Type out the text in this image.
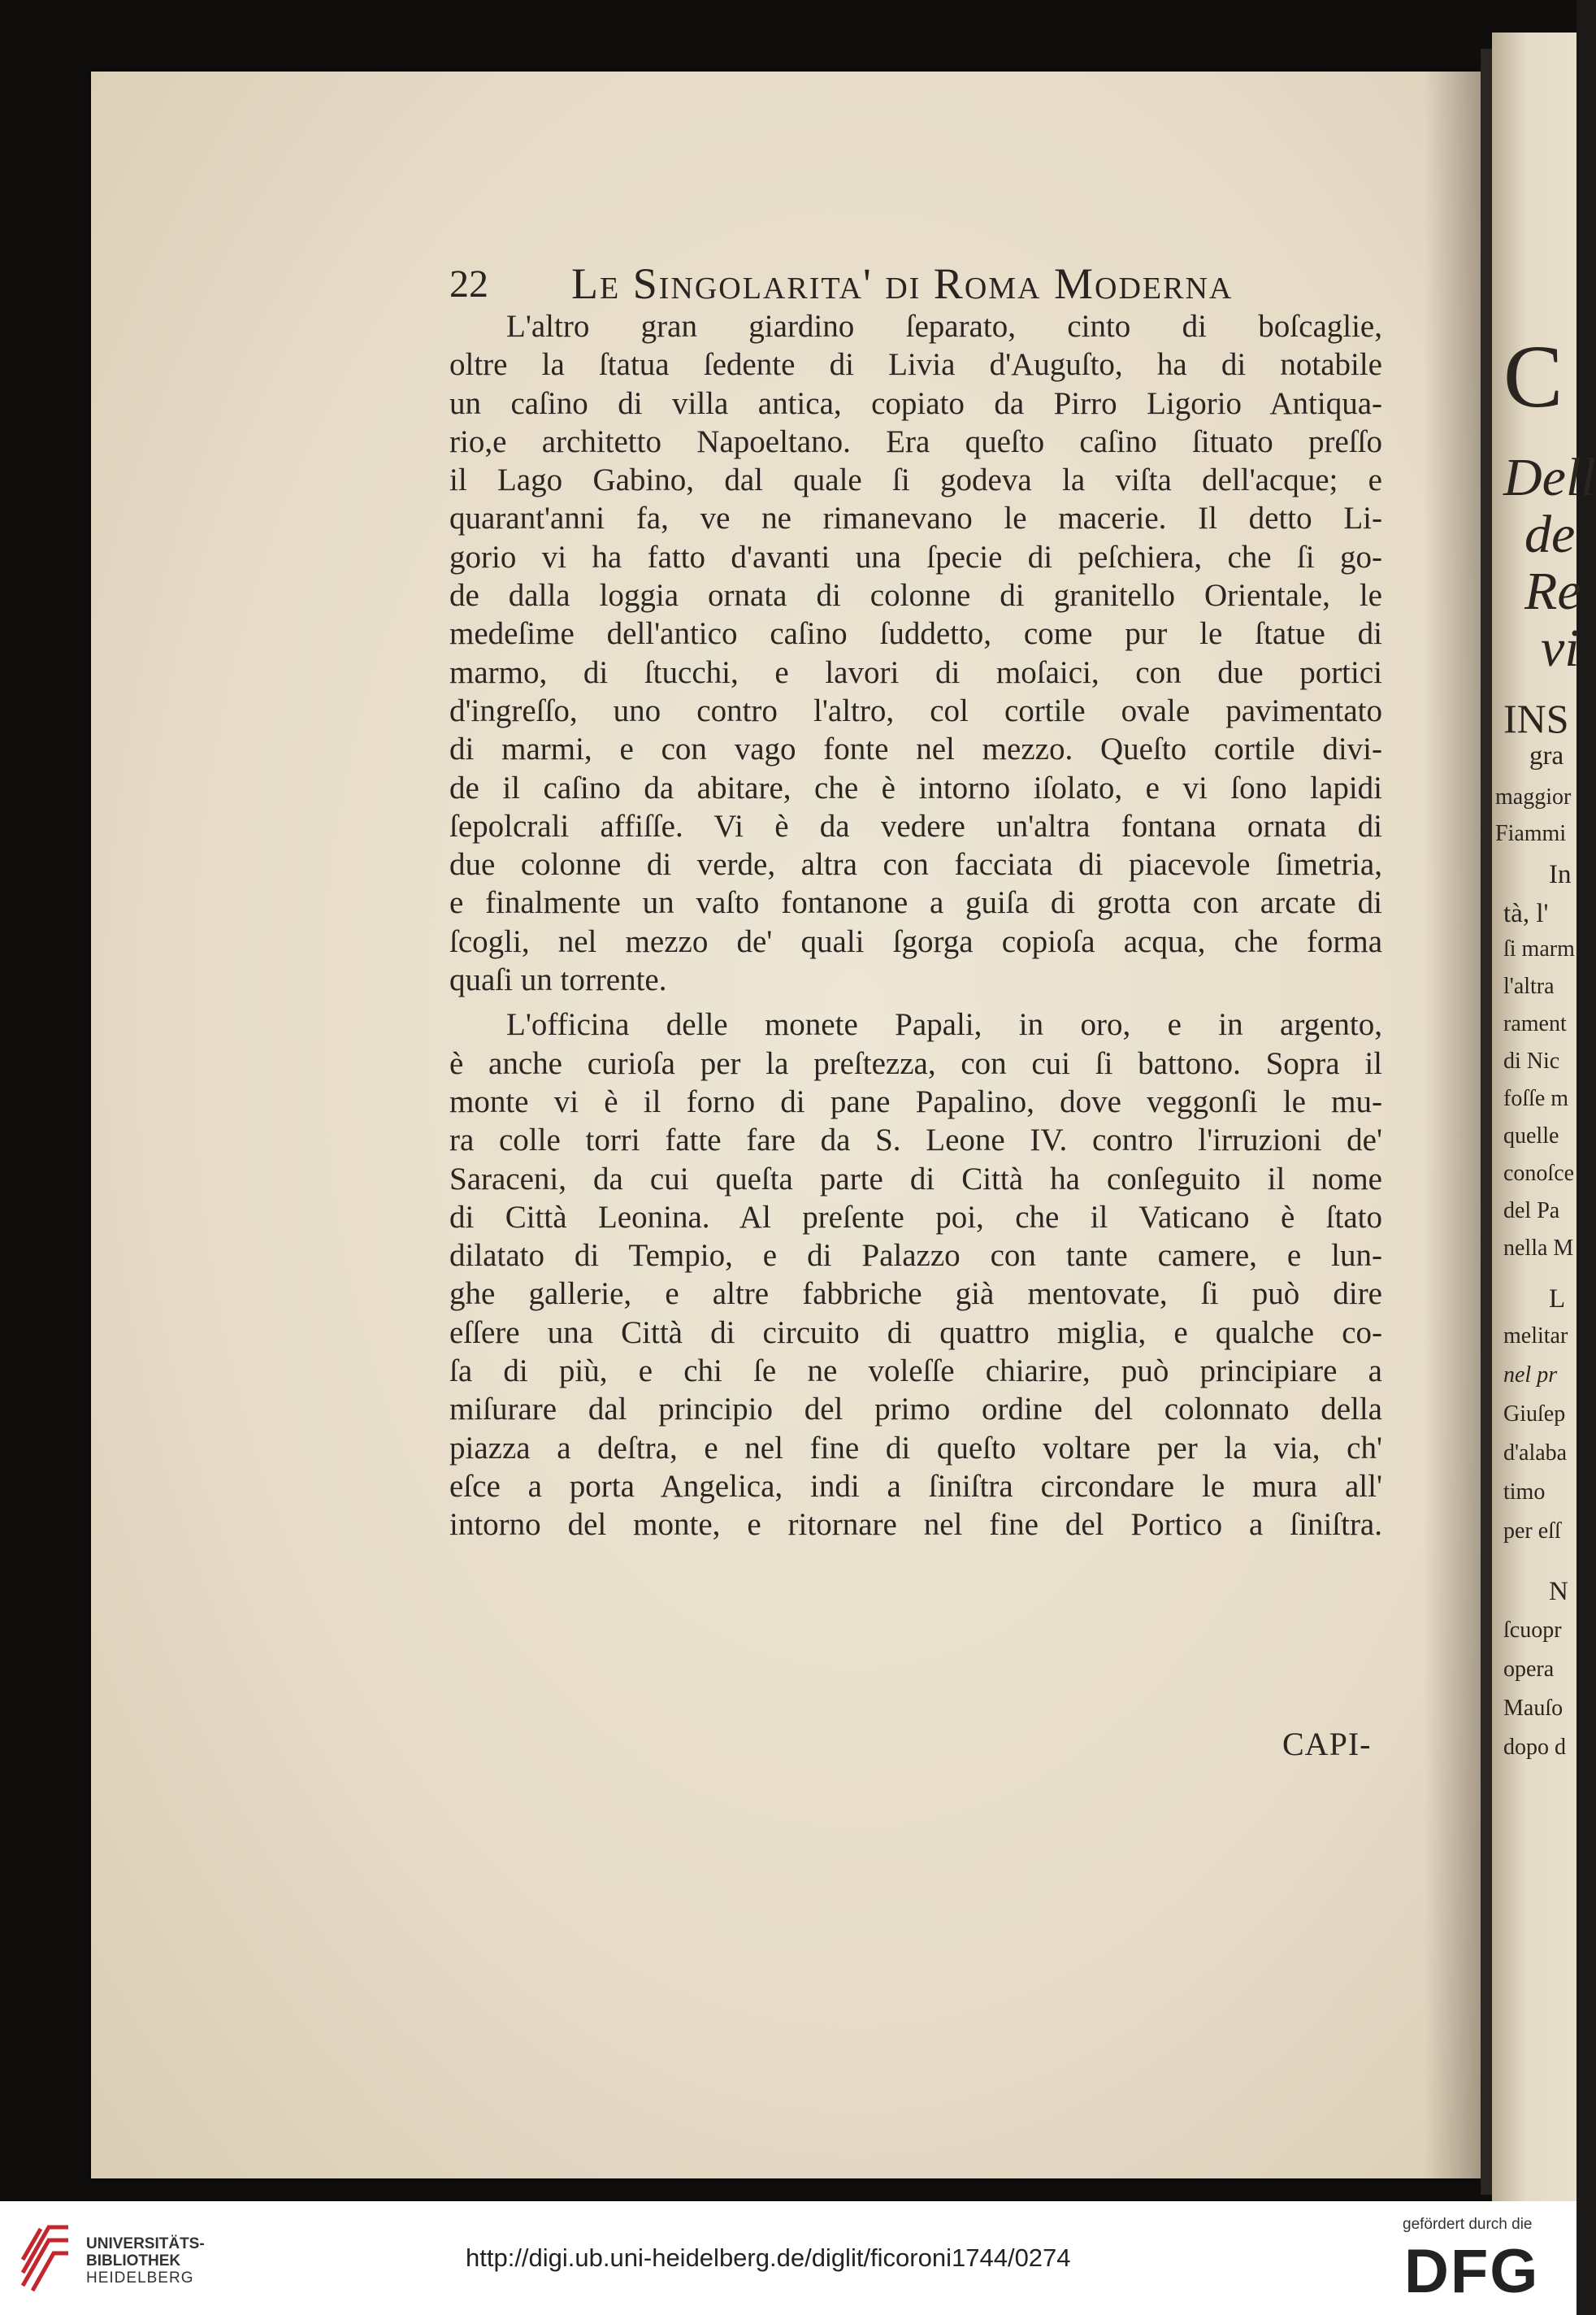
C
Dell
de
Re
vi
INS
gra
maggior
Fiammi
In
tà, l'
ſi marm
l'altra
rament
di Nic
foſſe m
quelle
conoſce
del Pa
nella M
L
melitar
nel pr
Giuſep
d'alaba
timo
per eſſ
N
ſcuopr
opera
Mauſo
dopo d
22 Le Singolarita' di Roma Moderna
L'altro gran giardino ſeparato, cinto di boſcaglie,
oltre la ſtatua ſedente di Livia d'Auguſto, ha di notabile
un caſino di villa antica, copiato da Pirro Ligorio Antiqua-
rio,e architetto Napoeltano. Era queſto caſino ſituato preſſo
il Lago Gabino, dal quale ſi godeva la viſta dell'acque; e
quarant'anni fa, ve ne rimanevano le macerie. Il detto Li-
gorio vi ha fatto d'avanti una ſpecie di peſchiera, che ſi go-
de dalla loggia ornata di colonne di granitello Orientale, le
medeſime dell'antico caſino ſuddetto, come pur le ſtatue di
marmo, di ſtucchi, e lavori di moſaici, con due portici
d'ingreſſo, uno contro l'altro, col cortile ovale pavimentato
di marmi, e con vago fonte nel mezzo. Queſto cortile divi-
de il caſino da abitare, che è intorno iſolato, e vi ſono lapidi
ſepolcrali affiſſe. Vi è da vedere un'altra fontana ornata di
due colonne di verde, altra con facciata di piacevole ſimetria,
e finalmente un vaſto fontanone a guiſa di grotta con arcate di
ſcogli, nel mezzo de' quali ſgorga copioſa acqua, che forma
quaſi un torrente.
L'officina delle monete Papali, in oro, e in argento,
è anche curioſa per la preſtezza, con cui ſi battono. Sopra il
monte vi è il forno di pane Papalino, dove veggonſi le mu-
ra colle torri fatte fare da S. Leone IV. contro l'irruzioni de'
Saraceni, da cui queſta parte di Città ha conſeguito il nome
di Città Leonina. Al preſente poi, che il Vaticano è ſtato
dilatato di Tempio, e di Palazzo con tante camere, e lun-
ghe gallerie, e altre fabbriche già mentovate, ſi può dire
eſſere una Città di circuito di quattro miglia, e qualche co-
ſa di più, e chi ſe ne voleſſe chiarire, può principiare a
miſurare dal principio del primo ordine del colonnato della
piazza a deſtra, e nel fine di queſto voltare per la via, ch'
eſce a porta Angelica, indi a ſiniſtra circondare le mura all'
intorno del monte, e ritornare nel fine del Portico a ſiniſtra.
CAPI-
UNIVERSITÄTS-
BIBLIOTHEK
HEIDELBERG
http://digi.ub.uni-heidelberg.de/diglit/ficoroni1744/0274
gefördert durch die
DFG
